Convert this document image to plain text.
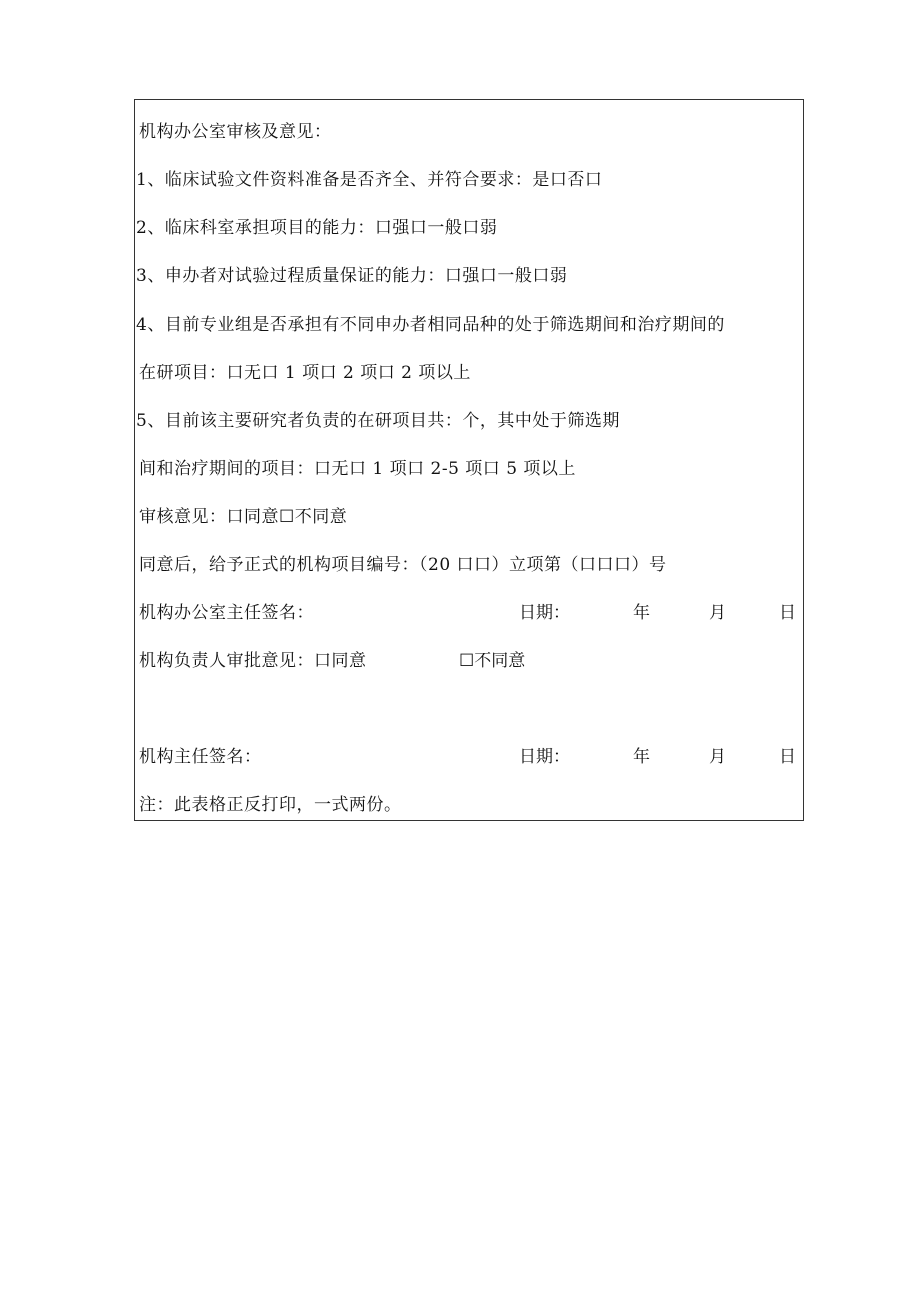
机构办公室审核及意见：
1、临床试验文件资料准备是否齐全、并符合要求：是口否口
2、临床科室承担项目的能力：口强口一般口弱
3、申办者对试验过程质量保证的能力：口强口一般口弱
4、目前专业组是否承担有不同申办者相同品种的处于筛选期间和治疗期间的
在研项目：口无口 1 项口 2 项口 2 项以上
5、目前该主要研究者负责的在研项目共：个，其中处于筛选期
间和治疗期间的项目：口无口 1 项口 2-5 项口 5 项以上
审核意见：口同意☐不同意
同意后，给予正式的机构项目编号：（20 口口）立项第（口口口）号
机构办公室主任签名：	日期：	年	月	日
机构负责人审批意见：口同意	☐不同意
机构主任签名：	日期：	年	月	日
注：此表格正反打印，一式两份。
